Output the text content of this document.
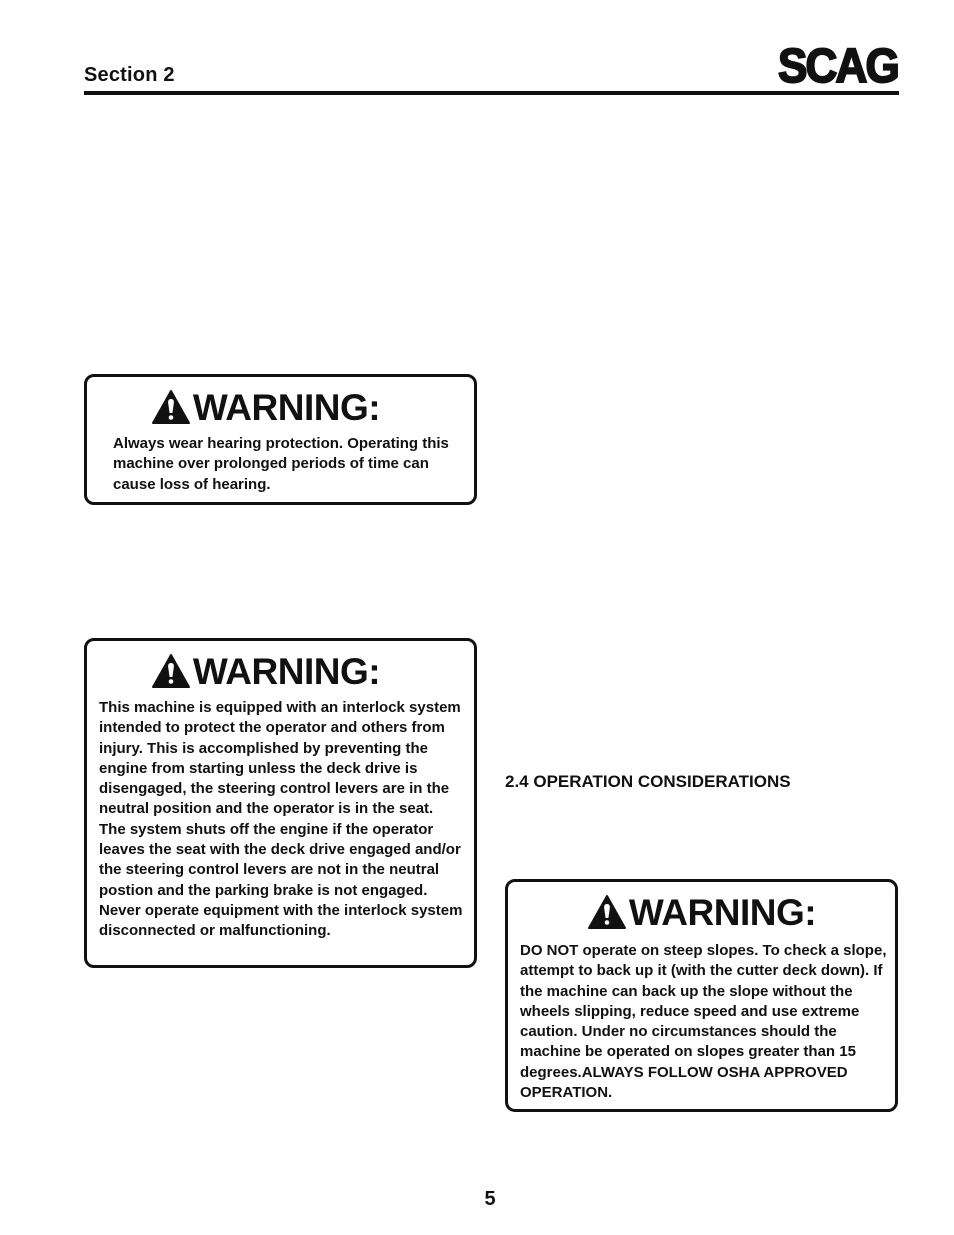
Section 2	SCAG
WARNING:

Always wear hearing protection. Operating this machine over prolonged periods of time can cause loss of hearing.

WARNING:

This machine is equipped with an interlock system intended to protect the operator and others from injury. This is accomplished by preventing the engine from starting unless the deck drive is disengaged, the steering control levers are in the neutral position and the operator is in the seat. The system shuts off the engine if the operator leaves the seat with the deck drive engaged and/or the steering control levers are not in the neutral postion and the parking brake is not engaged. Never operate equipment with the interlock system disconnected or malfunctioning.

2.4 OPERATION CONSIDERATIONS
WARNING:

DO NOT operate on steep slopes. To check a slope, attempt to back up it (with the cutter deck down). If the machine can back up the slope without the wheels slipping, reduce speed and use extreme caution. Under no circumstances should the machine be operated on slopes greater than 15 degrees.ALWAYS FOLLOW OSHA APPROVED OPERATION.

5
